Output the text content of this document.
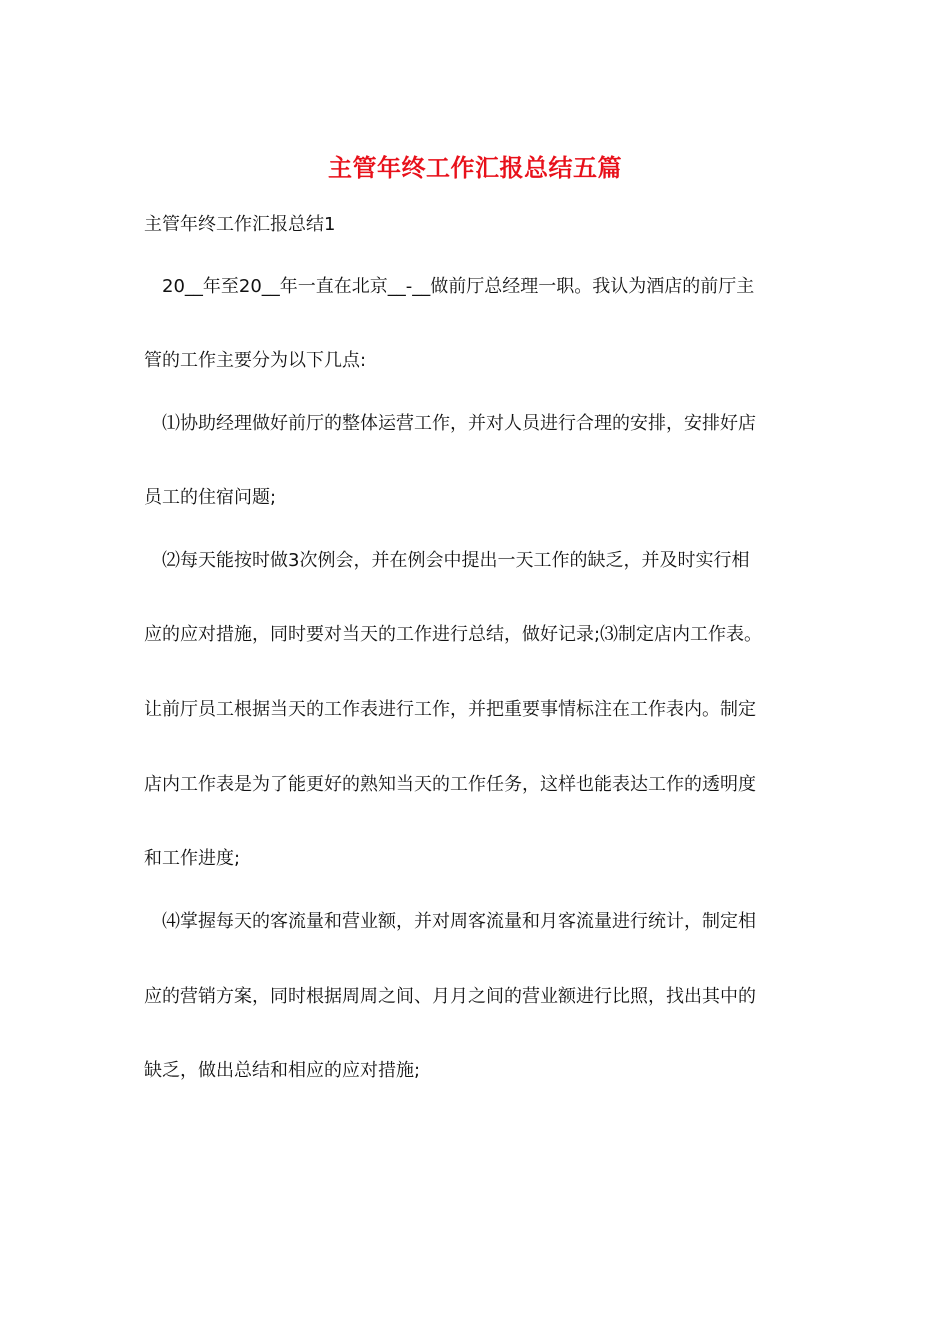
主管年终工作汇报总结五篇
主管年终工作汇报总结1
20__年至20__年一直在北京__-__做前厅总经理一职。我认为酒店的前厅主
管的工作主要分为以下几点:
⑴协助经理做好前厅的整体运营工作，并对人员进行合理的安排，安排好店
员工的住宿问题;
⑵每天能按时做3次例会，并在例会中提出一天工作的缺乏，并及时实行相
应的应对措施，同时要对当天的工作进行总结，做好记录;⑶制定店内工作表。
让前厅员工根据当天的工作表进行工作，并把重要事情标注在工作表内。制定
店内工作表是为了能更好的熟知当天的工作任务，这样也能表达工作的透明度
和工作进度;
⑷掌握每天的客流量和营业额，并对周客流量和月客流量进行统计，制定相
应的营销方案，同时根据周周之间、月月之间的营业额进行比照，找出其中的
缺乏，做出总结和相应的应对措施;
